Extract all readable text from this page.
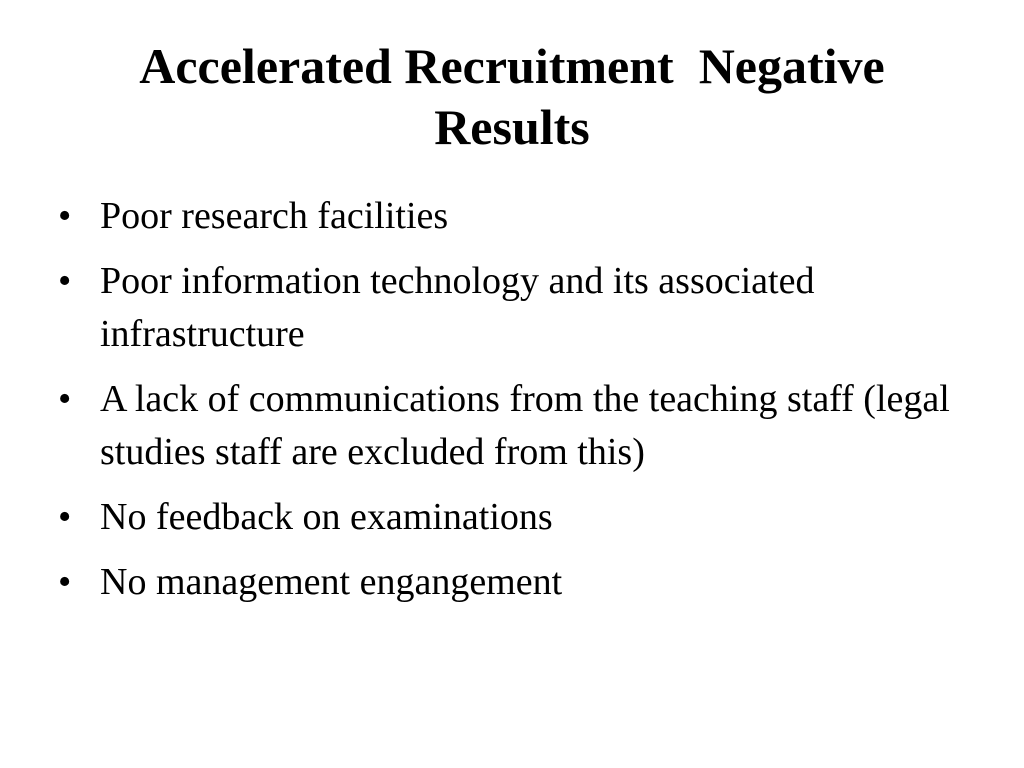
Accelerated Recruitment  Negative
Results
• Poor research facilities
• Poor information technology and its associated infrastructure
• A lack of communications from the teaching staff (legal studies staff are excluded from this)
• No feedback on examinations
• No management engangement
